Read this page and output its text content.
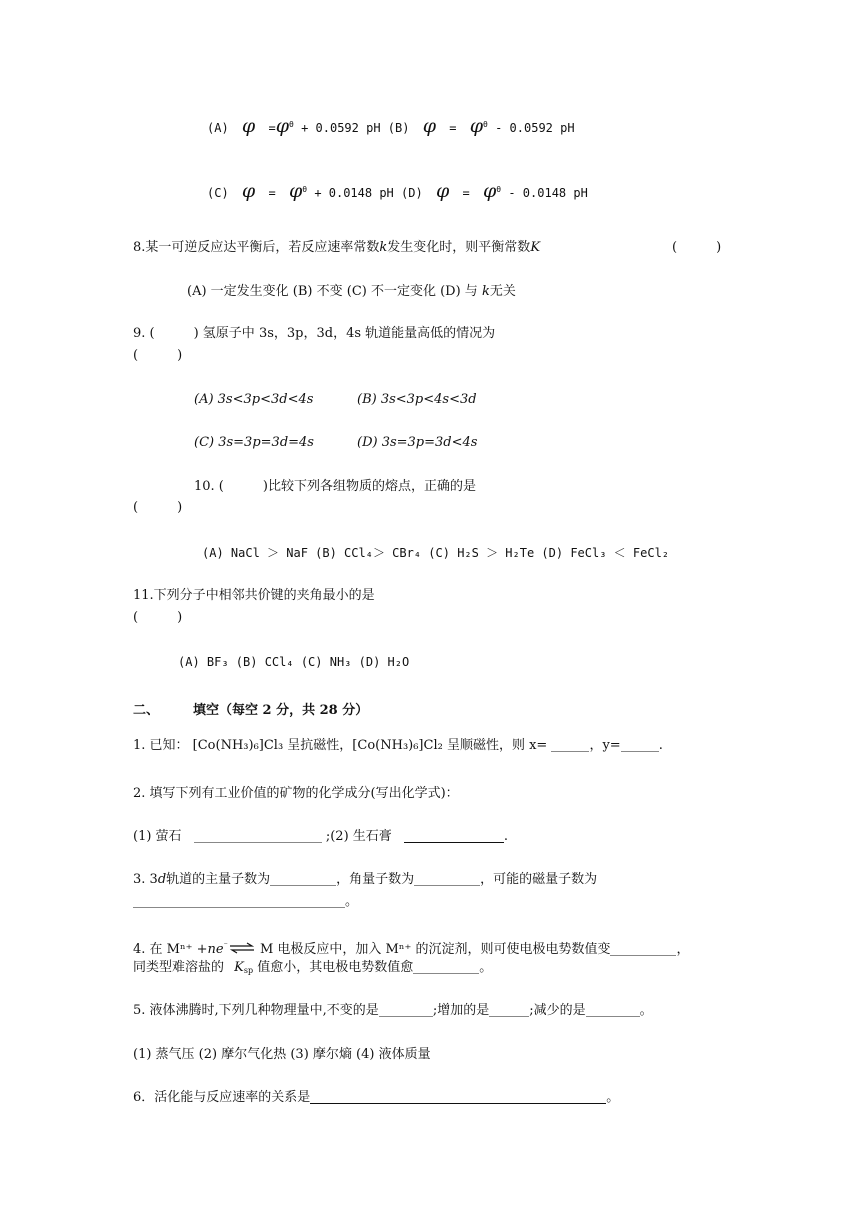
(A) $\varphi =\varphi^\theta + 0.0592$ pH (B) $\varphi = \varphi^\theta - 0.0592$ pH
(C) $\varphi = \varphi^\theta + 0.0148$ pH (D) $\varphi = \varphi^\theta - 0.0148$ pH
8.某一可逆反应达平衡后，若反应速率常数k发生变化时，则平衡常数K	(　　　)
(A) 一定发生变化 (B) 不变 (C) 不一定变化 (D) 与 k无关
9. (　　　) 氢原子中 3s，3p，3d，4s 轨道能量高低的情况为
(　　　)
(A) 3s<3p<3d<4s	(B) 3s<3p<4s<3d
(C) 3s=3p=3d=4s	(D) 3s=3p=3d<4s
10. (　　　)比较下列各组物质的熔点，正确的是
(　　　)
(A) NaCl ＞ NaF (B) CCl₄＞ CBr₄ (C) H₂S ＞ H₂Te (D) FeCl₃ ＜ FeCl₂
11.下列分子中相邻共价键的夹角最小的是
(　　　)
(A) BF₃ (B) CCl₄ (C) NH₃ (D) H₂O
二、	填空（每空 2 分，共 28 分）
1. 已知： [Co(NH₃)₆]Cl₃ 呈抗磁性，[Co(NH₃)₆]Cl₂ 呈顺磁性，则 x=	，y=	.
2. 填写下列有工业价值的矿物的化学成分(写出化学式)：
(1) 萤石	;(2) 生石膏	.
3. 3d轨道的主量子数为	，角量子数为	，可能的磁量子数为
。
4. 在 Mⁿ⁺ +ne⁻⇌ M 电极反应中，加入 Mⁿ⁺ 的沉淀剂，则可使电极电势数值变	，
同类型难溶盐的 $K_{sp}$ 值愈小，其电极电势数值愈	。
5. 液体沸腾时,下列几种物理量中,不变的是	;增加的是	;减少的是	。
(1) 蒸气压 (2) 摩尔气化热 (3) 摩尔熵 (4) 液体质量
6．活化能与反应速率的关系是	。
